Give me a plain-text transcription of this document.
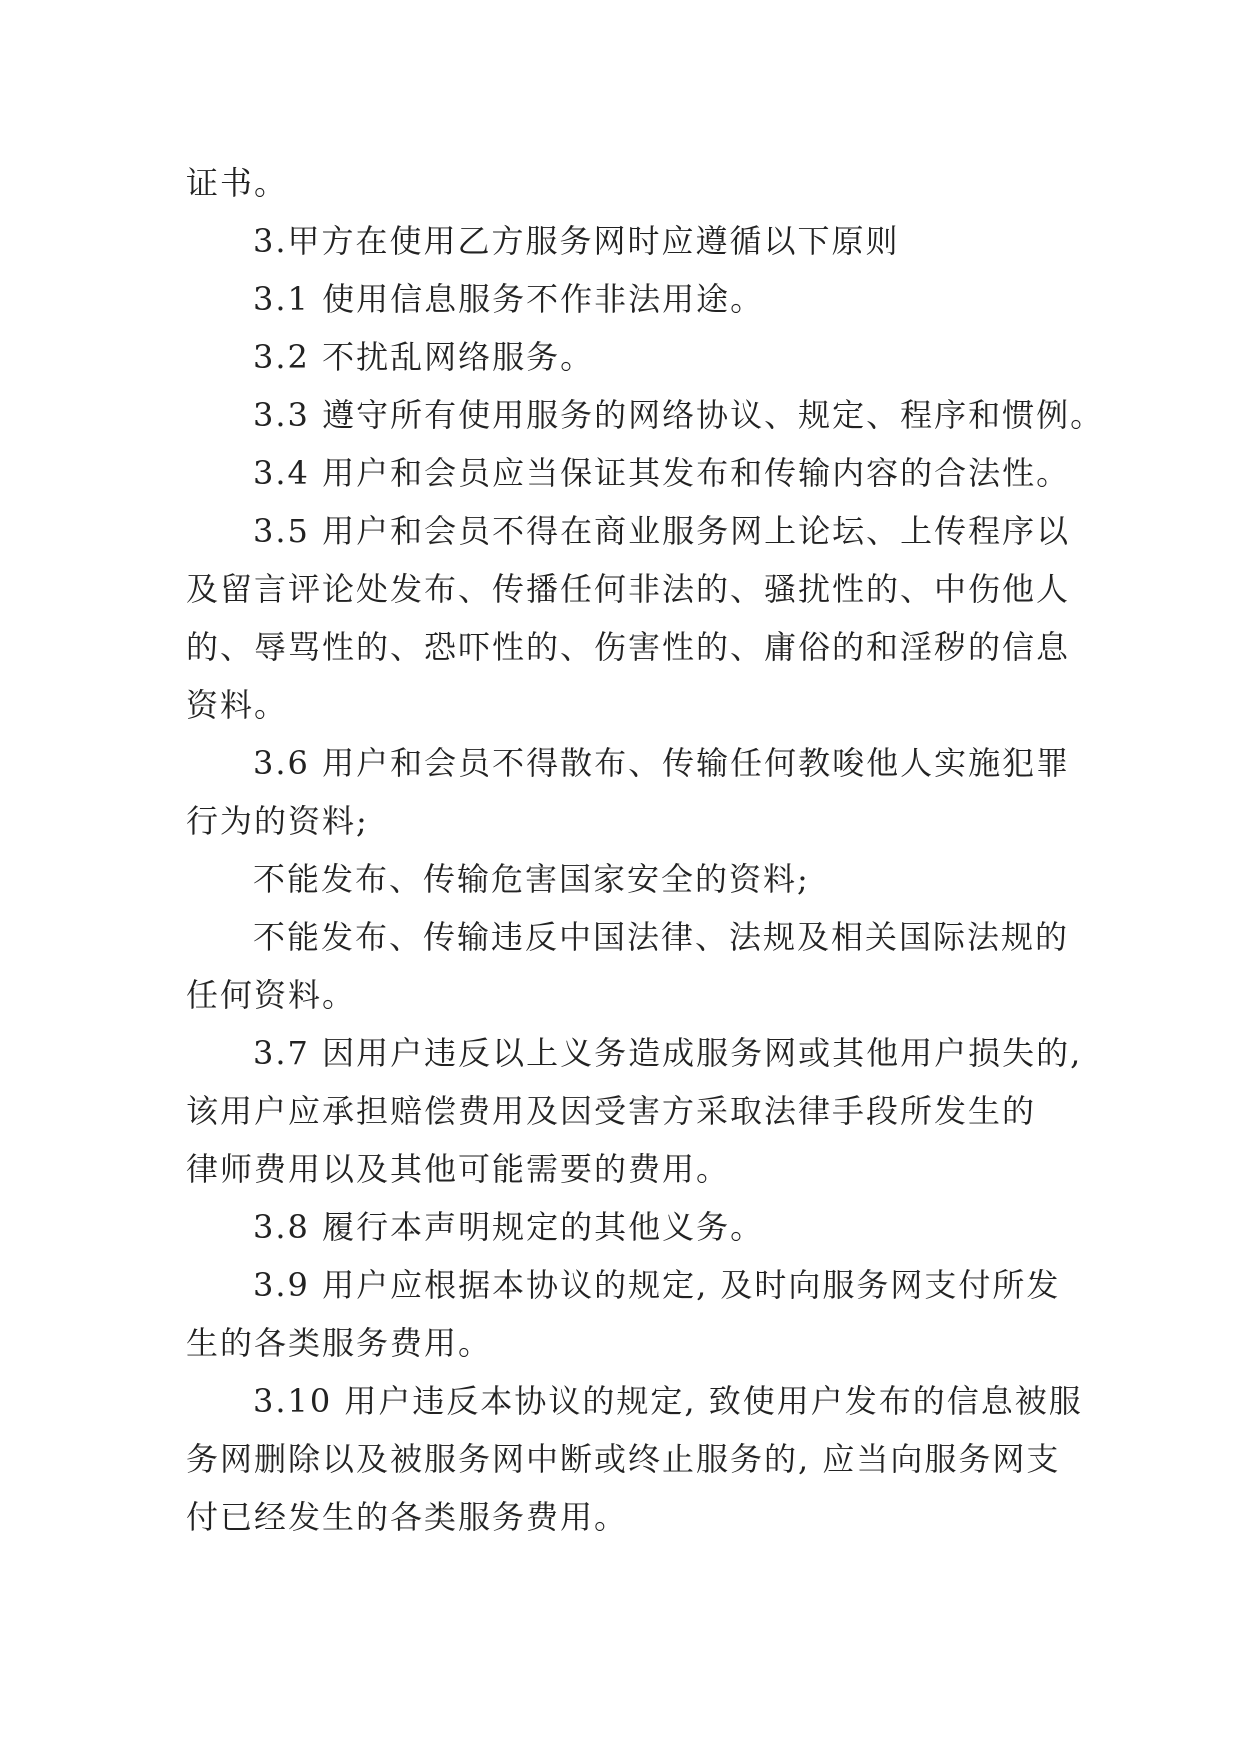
证书。
3.甲方在使用乙方服务网时应遵循以下原则
3.1 使用信息服务不作非法用途。
3.2 不扰乱网络服务。
3.3 遵守所有使用服务的网络协议、规定、程序和惯例。
3.4 用户和会员应当保证其发布和传输内容的合法性。
3.5 用户和会员不得在商业服务网上论坛、上传程序以
及留言评论处发布、传播任何非法的、骚扰性的、中伤他人
的、辱骂性的、恐吓性的、伤害性的、庸俗的和淫秽的信息
资料。
3.6 用户和会员不得散布、传输任何教唆他人实施犯罪
行为的资料;
不能发布、传输危害国家安全的资料;
不能发布、传输违反中国法律、法规及相关国际法规的
任何资料。
3.7 因用户违反以上义务造成服务网或其他用户损失的,
该用户应承担赔偿费用及因受害方采取法律手段所发生的
律师费用以及其他可能需要的费用。
3.8 履行本声明规定的其他义务。
3.9 用户应根据本协议的规定, 及时向服务网支付所发
生的各类服务费用。
3.10 用户违反本协议的规定, 致使用户发布的信息被服
务网删除以及被服务网中断或终止服务的, 应当向服务网支
付已经发生的各类服务费用。
